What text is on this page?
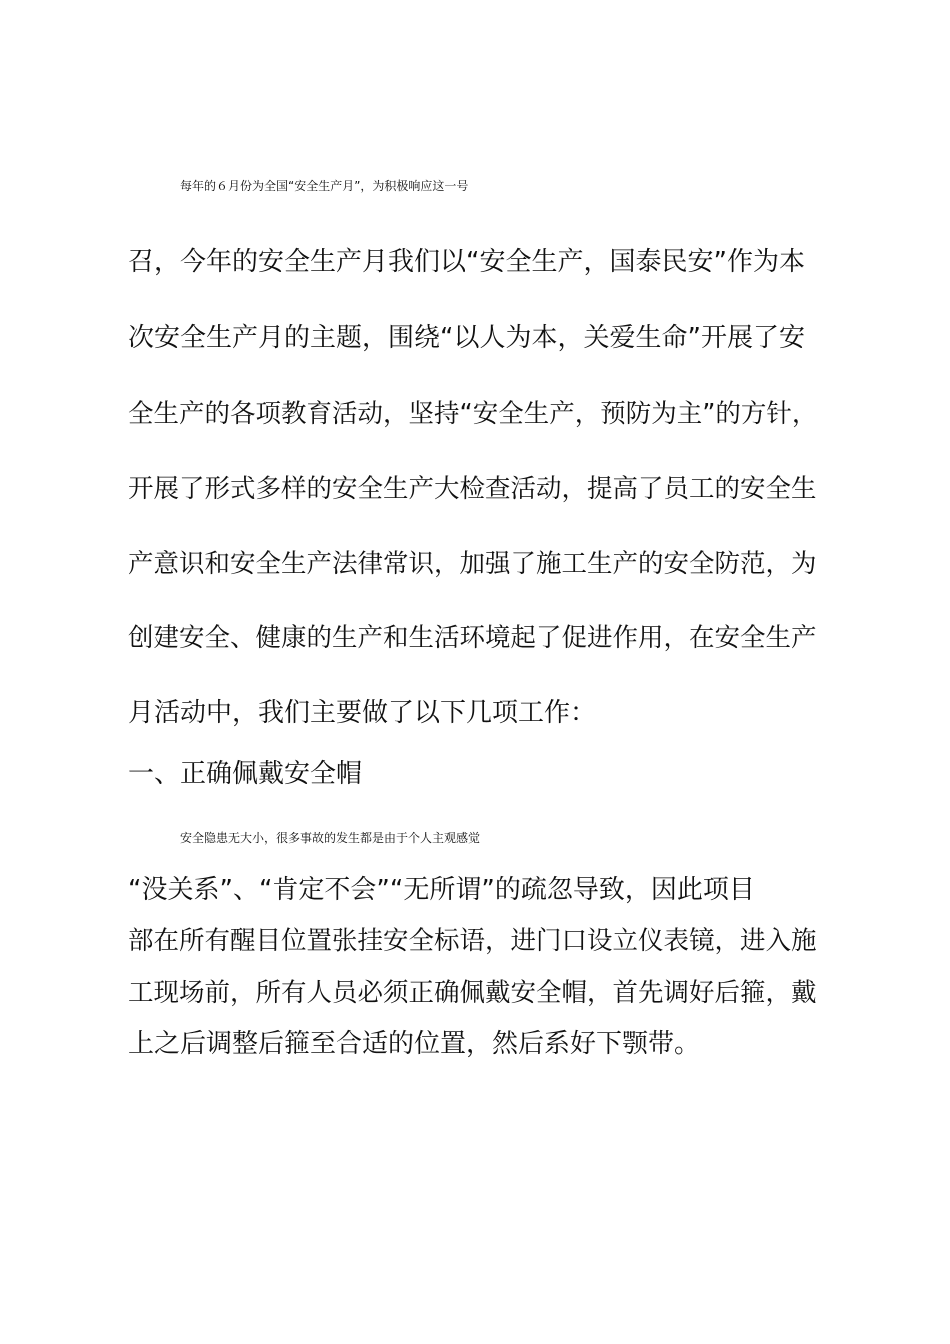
每年的６月份为全国“安全生产月”，为积极响应这一号
召，今年的安全生产月我们以“安全生产，国泰民安”作为本
次安全生产月的主题，围绕“以人为本，关爱生命”开展了安
全生产的各项教育活动，坚持“安全生产，预防为主”的方针，
开展了形式多样的安全生产大检查活动，提高了员工的安全生
产意识和安全生产法律常识，加强了施工生产的安全防范，为
创建安全、健康的生产和生活环境起了促进作用，在安全生产
月活动中，我们主要做了以下几项工作：
一、正确佩戴安全帽
安全隐患无大小，很多事故的发生都是由于个人主观感觉
“没关系”、“肯定不会”“无所谓”的疏忽导致，因此项目
部在所有醒目位置张挂安全标语，进门口设立仪表镜，进入施
工现场前，所有人员必须正确佩戴安全帽，首先调好后箍，戴
上之后调整后箍至合适的位置，然后系好下颚带。
